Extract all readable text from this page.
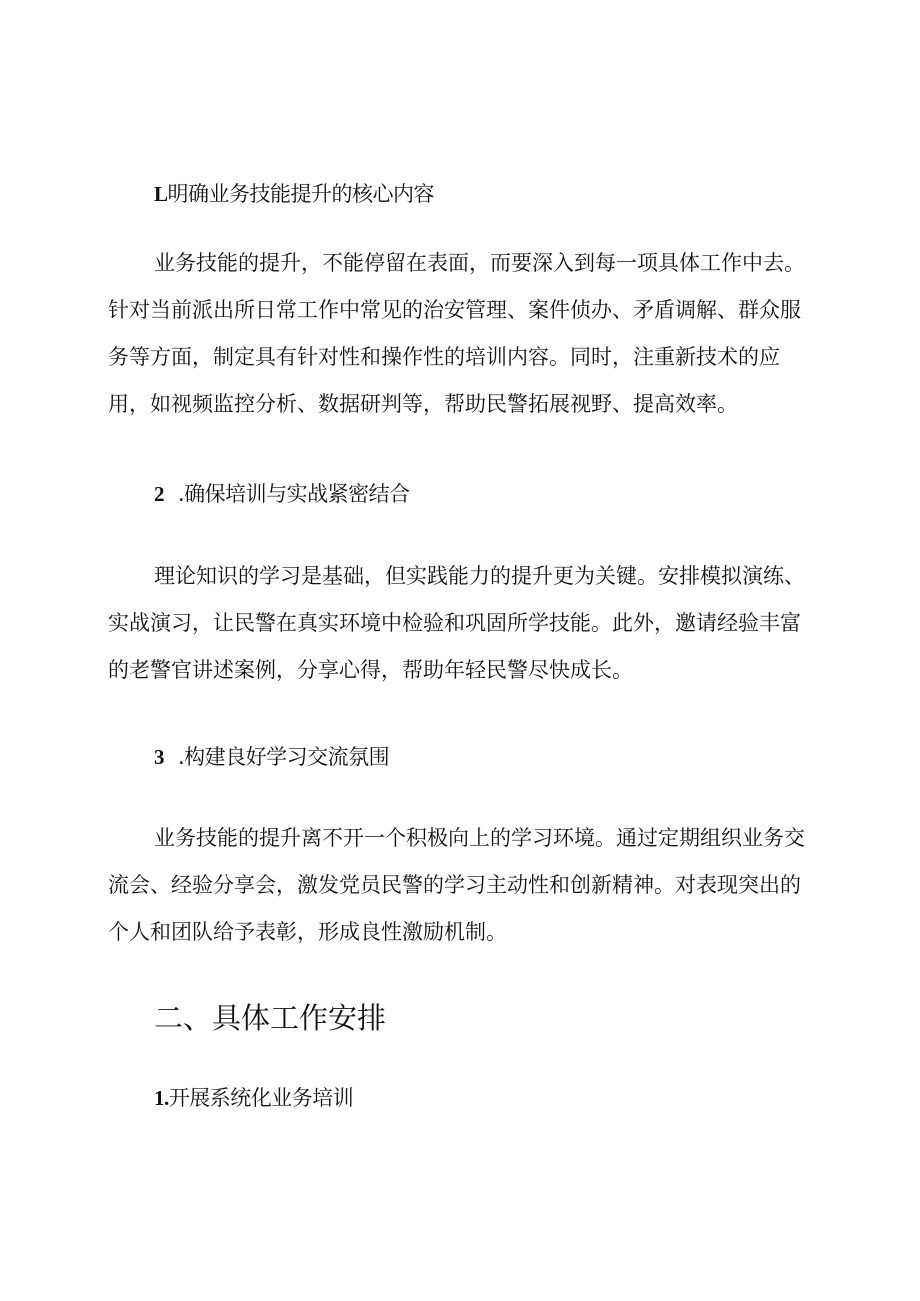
L明确业务技能提升的核心内容
业务技能的提升，不能停留在表面，而要深入到每一项具体工作中去。
针对当前派出所日常工作中常见的治安管理、案件侦办、矛盾调解、群众服
务等方面，制定具有针对性和操作性的培训内容。同时，注重新技术的应
用，如视频监控分析、数据研判等，帮助民警拓展视野、提高效率。
2 .确保培训与实战紧密结合
理论知识的学习是基础，但实践能力的提升更为关键。安排模拟演练、
实战演习，让民警在真实环境中检验和巩固所学技能。此外，邀请经验丰富
的老警官讲述案例，分享心得，帮助年轻民警尽快成长。
3 .构建良好学习交流氛围
业务技能的提升离不开一个积极向上的学习环境。通过定期组织业务交
流会、经验分享会，激发党员民警的学习主动性和创新精神。对表现突出的
个人和团队给予表彰，形成良性激励机制。
二、具体工作安排
1.开展系统化业务培训
